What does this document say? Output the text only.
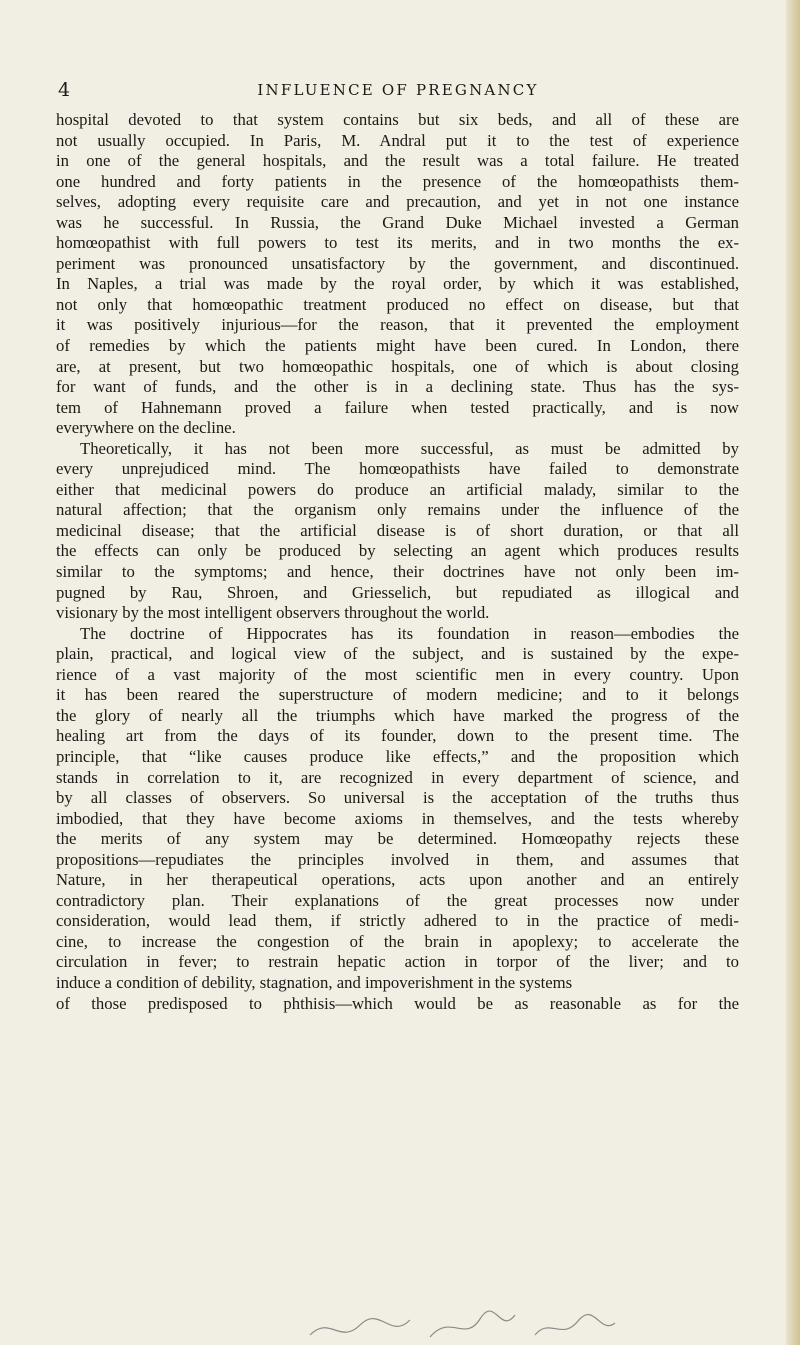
4	INFLUENCE OF PREGNANCY
hospital devoted to that system contains but six beds, and all of these are
not usually occupied. In Paris, M. Andral put it to the test of experience
in one of the general hospitals, and the result was a total failure. He treated
one hundred and forty patients in the presence of the homœopathists them-
selves, adopting every requisite care and precaution, and yet in not one instance
was he successful. In Russia, the Grand Duke Michael invested a German
homœopathist with full powers to test its merits, and in two months the ex-
periment was pronounced unsatisfactory by the government, and discontinued.
In Naples, a trial was made by the royal order, by which it was established,
not only that homœopathic treatment produced no effect on disease, but that
it was positively injurious—for the reason, that it prevented the employment
of remedies by which the patients might have been cured. In London, there
are, at present, but two homœopathic hospitals, one of which is about closing
for want of funds, and the other is in a declining state. Thus has the sys-
tem of Hahnemann proved a failure when tested practically, and is now
everywhere on the decline.
Theoretically, it has not been more successful, as must be admitted by
every unprejudiced mind. The homœopathists have failed to demonstrate
either that medicinal powers do produce an artificial malady, similar to the
natural affection; that the organism only remains under the influence of the
medicinal disease; that the artificial disease is of short duration, or that all
the effects can only be produced by selecting an agent which produces results
similar to the symptoms; and hence, their doctrines have not only been im-
pugned by Rau, Shroen, and Griesselich, but repudiated as illogical and
visionary by the most intelligent observers throughout the world.
The doctrine of Hippocrates has its foundation in reason—embodies the
plain, practical, and logical view of the subject, and is sustained by the expe-
rience of a vast majority of the most scientific men in every country. Upon
it has been reared the superstructure of modern medicine; and to it belongs
the glory of nearly all the triumphs which have marked the progress of the
healing art from the days of its founder, down to the present time. The
principle, that “like causes produce like effects,” and the proposition which
stands in correlation to it, are recognized in every department of science, and
by all classes of observers. So universal is the acceptation of the truths thus
imbodied, that they have become axioms in themselves, and the tests whereby
the merits of any system may be determined. Homœopathy rejects these
propositions—repudiates the principles involved in them, and assumes that
Nature, in her therapeutical operations, acts upon another and an entirely
contradictory plan. Their explanations of the great processes now under
consideration, would lead them, if strictly adhered to in the practice of medi-
cine, to increase the congestion of the brain in apoplexy; to accelerate the
circulation in fever; to restrain hepatic action in torpor of the liver; and to
induce a condition of debility, stagnation, and impoverishment in the systems
of those predisposed to phthisis—which would be as reasonable as for the
